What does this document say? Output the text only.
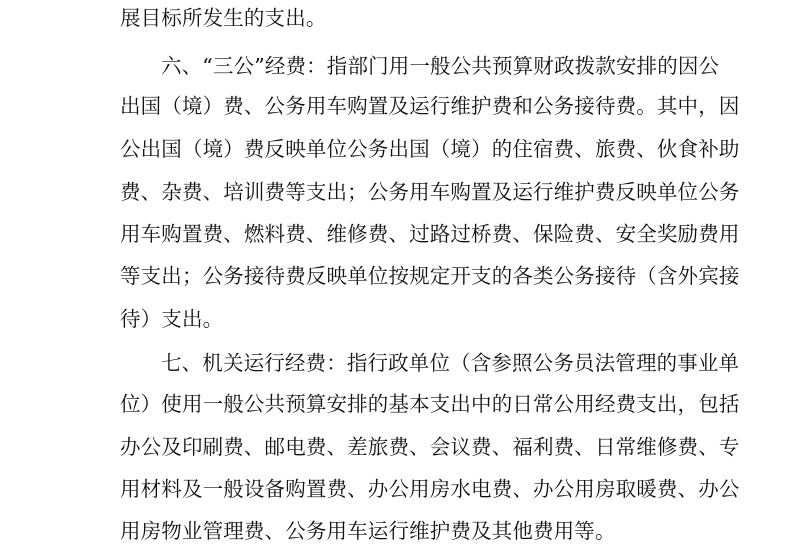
展目标所发生的支出。
六、“三公”经费：指部门用一般公共预算财政拨款安排的因公
出国（境）费、公务用车购置及运行维护费和公务接待费。其中，因
公出国（境）费反映单位公务出国（境）的住宿费、旅费、伙食补助
费、杂费、培训费等支出；公务用车购置及运行维护费反映单位公务
用车购置费、燃料费、维修费、过路过桥费、保险费、安全奖励费用
等支出；公务接待费反映单位按规定开支的各类公务接待（含外宾接
待）支出。
七、机关运行经费：指行政单位（含参照公务员法管理的事业单
位）使用一般公共预算安排的基本支出中的日常公用经费支出，包括
办公及印刷费、邮电费、差旅费、会议费、福利费、日常维修费、专
用材料及一般设备购置费、办公用房水电费、办公用房取暖费、办公
用房物业管理费、公务用车运行维护费及其他费用等。
